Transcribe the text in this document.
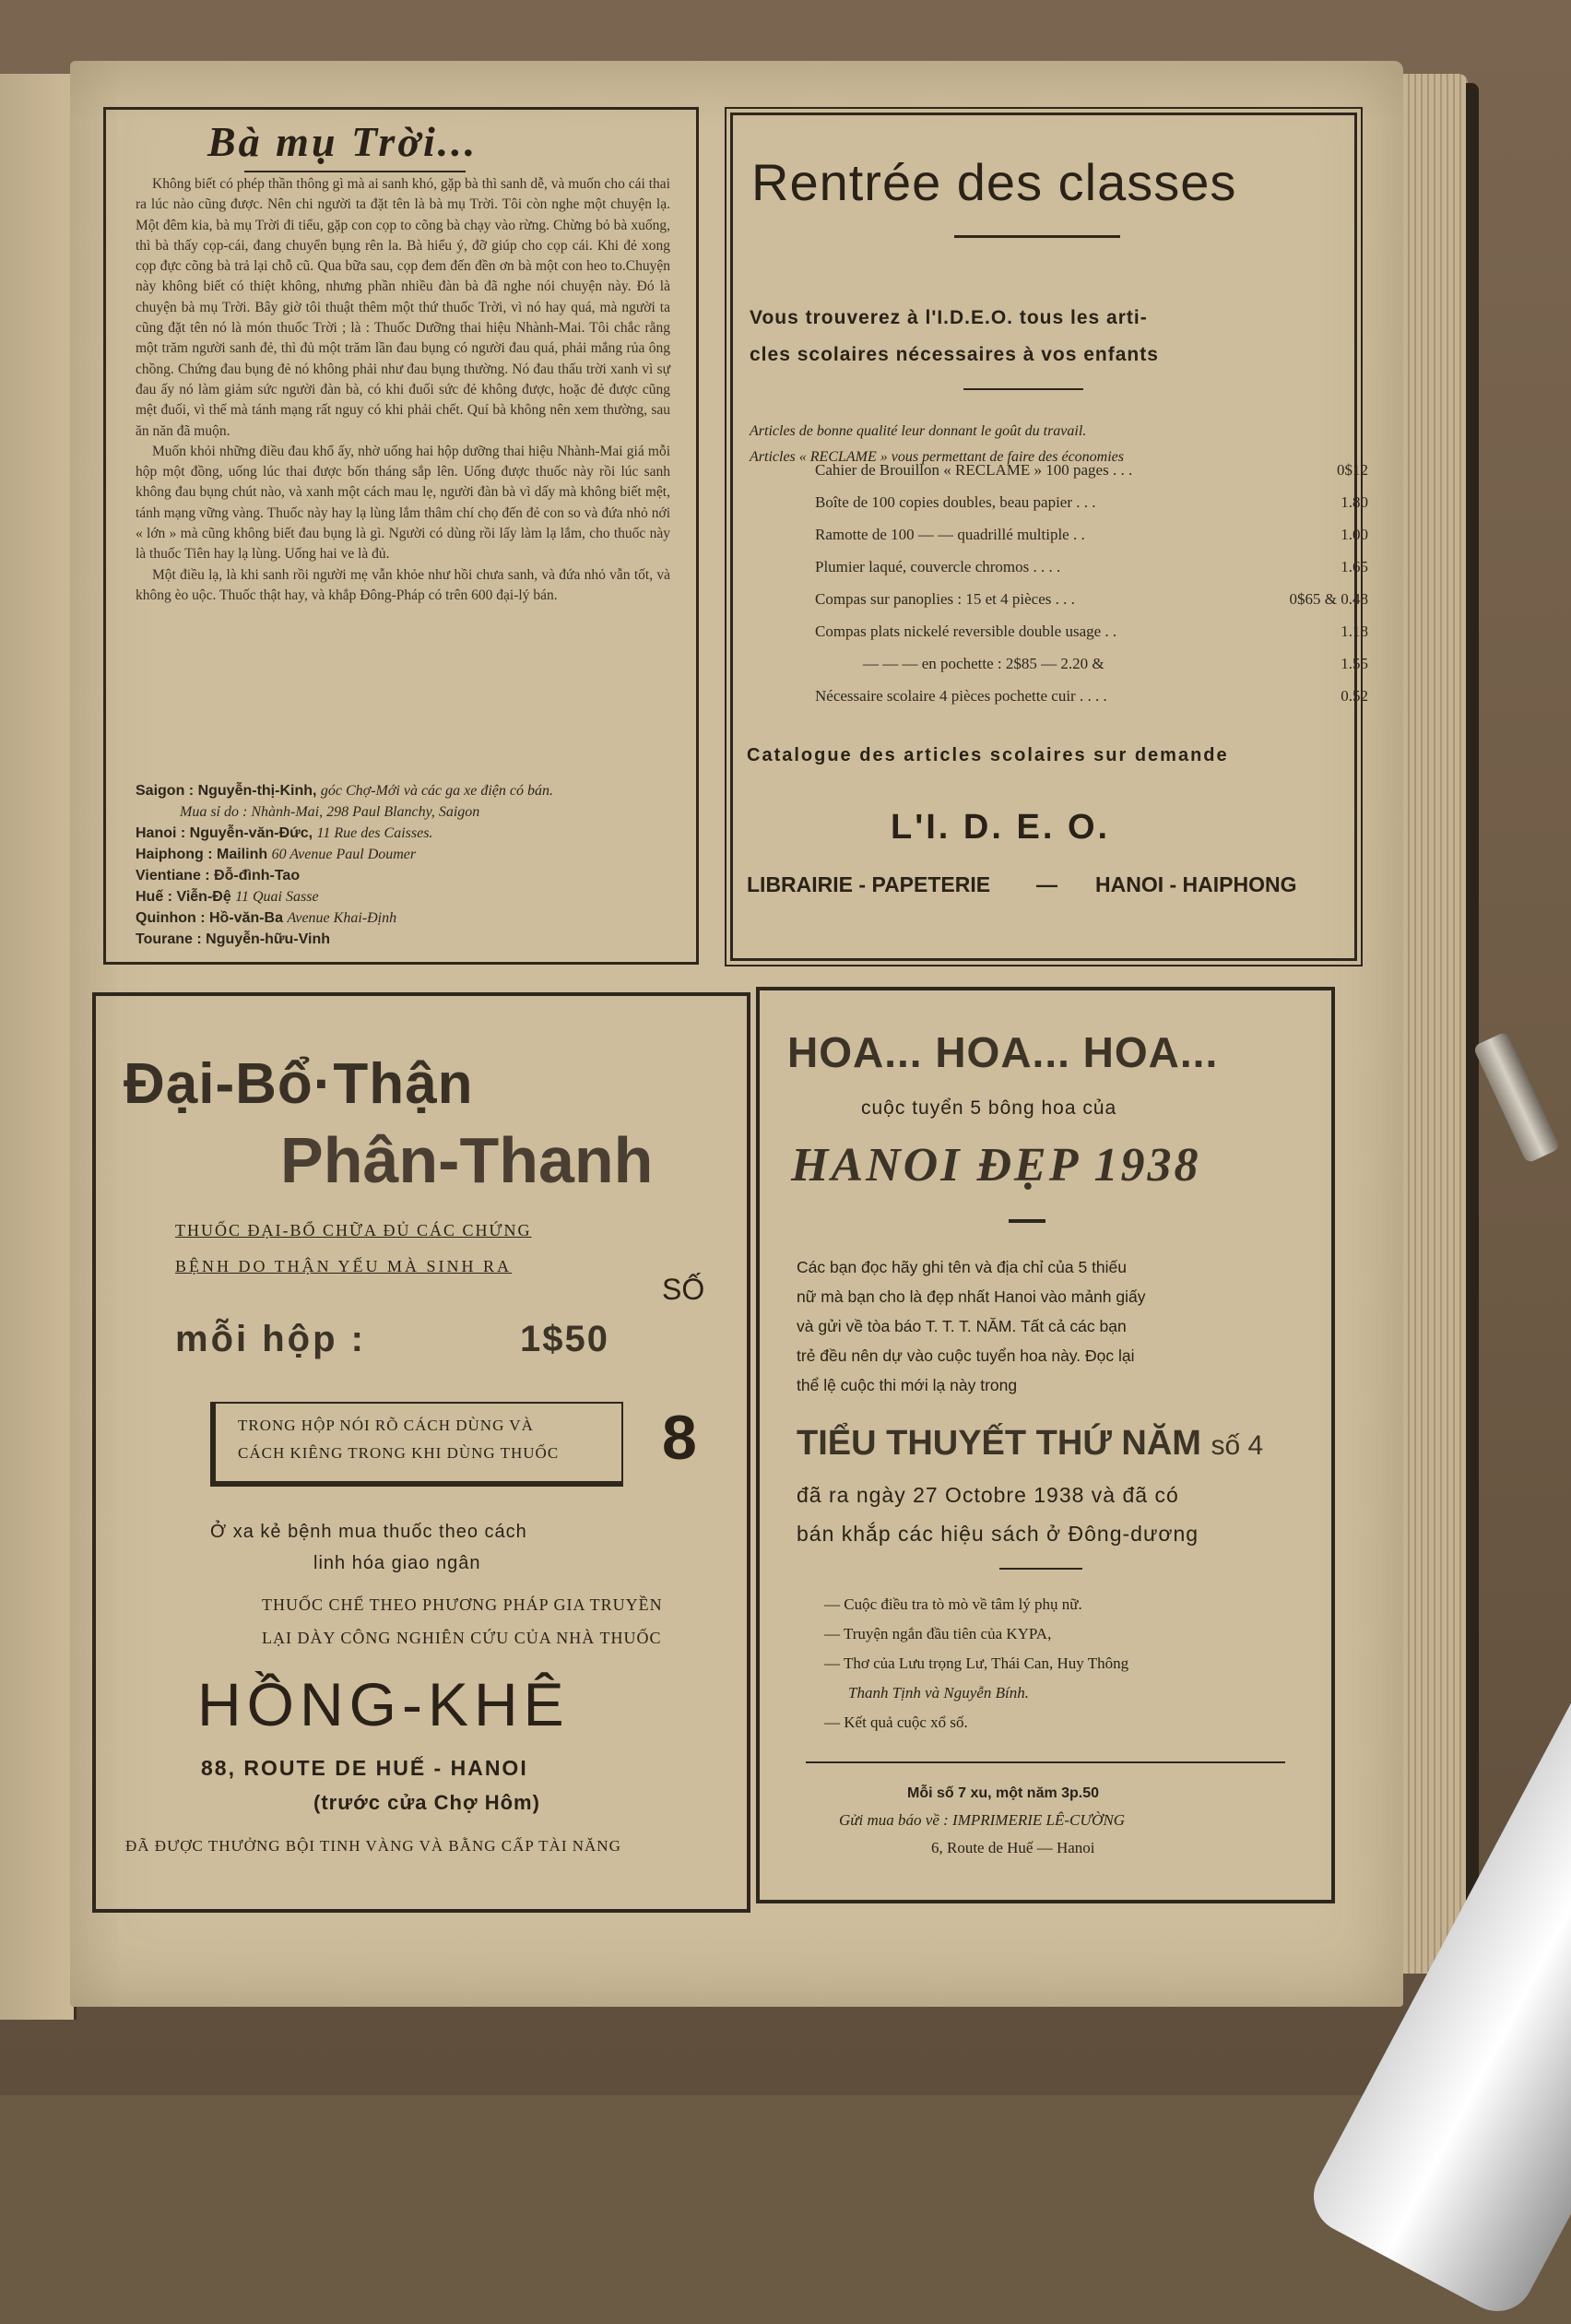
Bà mụ Trời...

Không biết có phép thần thông gì mà ai sanh khó, gặp bà thì sanh dễ, và muốn cho cái thai ra lúc nào cũng được. Nên chi người ta đặt tên là bà mụ Trời. Tôi còn nghe một chuyện lạ. Một đêm kia, bà mụ Trời đi tiểu, gặp con cọp to cõng bà chạy vào rừng. Chừng bỏ bà xuống, thì bà thấy cọp-cái, đang chuyển bụng rên la. Bà hiểu ý, đỡ giúp cho cọp cái. Khi đẻ xong cọp đực cõng bà trả lại chỗ cũ. Qua bữa sau, cọp đem đến đền ơn bà một con heo to.Chuyện này không biết có thiệt không, nhưng phần nhiều đàn bà đã nghe nói chuyện này. Đó là chuyện bà mụ Trời. Bây giờ tôi thuật thêm một thứ thuốc Trời, vì nó hay quá, mà người ta cũng đặt tên nó là món thuốc Trời ; là : Thuốc Dưỡng thai hiệu Nhành-Mai. Tôi chắc rằng một trăm người sanh đẻ, thì đủ một trăm lần đau bụng có người đau quá, phải mắng rủa ông chồng. Chứng đau bụng đẻ nó không phải như đau bụng thường. Nó đau thấu trời xanh vì sự đau ấy nó làm giảm sức người đàn bà, có khi đuối sức đẻ không được, hoặc đẻ được cũng mệt đuối, vì thế mà tánh mạng rất nguy có khi phải chết. Quí bà không nên xem thường, sau ăn năn đã muộn.

Muốn khỏi những điều đau khổ ấy, nhờ uống hai hộp dưỡng thai hiệu Nhành-Mai giá mỗi hộp một đồng, uống lúc thai được bốn tháng sắp lên. Uống được thuốc này rồi lúc sanh không đau bụng chút nào, và xanh một cách mau lẹ, người đàn bà vì dấy mà không biết mệt, tánh mạng vững vàng. Thuốc này hay lạ lùng lắm thâm chí chọ đến đẻ con so và đứa nhỏ nới « lớn » mà cũng không biết đau bụng là gì. Người có dùng rồi lấy làm lạ lắm, cho thuốc này là thuốc Tiên hay lạ lùng. Uống hai ve là đủ.

Một điều lạ, là khi sanh rồi người mẹ vẫn khỏe như hồi chưa sanh, và đứa nhỏ vẫn tốt, và không èo uộc. Thuốc thật hay, và khắp Đông-Pháp có trên 600 đại-lý bán.

Saigon : Nguyễn-thị-Kinh, góc Chợ-Mới và các ga xe điện có bán.
Mua sỉ do : Nhành-Mai, 298 Paul Blanchy, Saigon
Hanoi : Nguyễn-văn-Đức, 11 Rue des Caisses.
Haiphong : Mailinh 60 Avenue Paul Doumer
Vientiane : Đỗ-đình-Tao
Huế : Viễn-Đệ 11 Quai Sasse
Quinhon : Hồ-văn-Ba Avenue Khai-Định
Tourane : Nguyễn-hữu-Vinh
Rentrée des classes
Vous trouverez à l'I.D.E.O. tous les arti-
cles scolaires nécessaires à vos enfants
Articles de bonne qualité leur donnant le goût du travail.
Articles « RECLAME » vous permettant de faire des économies
Cahier de Brouillon « RECLAME » 100 pages . . .	0$12
Boîte de 100 copies doubles, beau papier . . .	1.80
Ramotte de 100 — — quadrillé multiple . .	1.00
Plumier laqué, couvercle chromos . . . .	1.65
Compas sur panoplies : 15 et 4 pièces . . .	0$65 & 0.48
Compas plats nickelé reversible double usage . .	1.18
— — — en pochette : 2$85 — 2.20 &	1.55
Nécessaire scolaire 4 pièces pochette cuir . . . .	0.52
Catalogue des articles scolaires sur demande
L'I. D. E. O.
LIBRAIRIE - PAPETERIE — HANOI - HAIPHONG
Đại-Bổ·Thận
Phân-Thanh
THUỐC ĐẠI-BỔ CHỮA ĐỦ CÁC CHỨNG
BỆNH DO THẬN YẾU MÀ SINH RA
SỐ
mỗi hộp :	1$50
TRONG HỘP NÓI RÕ CÁCH DÙNG VÀ
CÁCH KIÊNG TRONG KHI DÙNG THUỐC 8
Ở xa kẻ bệnh mua thuốc theo cách
linh hóa giao ngân
THUỐC CHẾ THEO PHƯƠNG PHÁP GIA TRUYỀN
LẠI DÀY CÔNG NGHIÊN CỨU CỦA NHÀ THUỐC
HỒNG-KHÊ
88, ROUTE DE HUẾ - HANOI
(trước cửa Chợ Hôm)
ĐÃ ĐƯỢC THƯỞNG BỘI TINH VÀNG VÀ BẰNG CẤP TÀI NĂNG
HOA... HOA... HOA...
cuộc tuyển 5 bông hoa của
HANOI ĐẸP 1938
Các bạn đọc hãy ghi tên và địa chỉ của 5 thiếu
nữ mà bạn cho là đẹp nhất Hanoi vào mảnh giấy
và gửi về tòa báo T. T. T. NĂM. Tất cả các bạn
trẻ đều nên dự vào cuộc tuyển hoa này. Đọc lại
thể lệ cuộc thi mới lạ này trong
TIỂU THUYẾT THỨ NĂM số 4
đã ra ngày 27 Octobre 1938 và đã có
bán khắp các hiệu sách ở Đông-dương
— Cuộc điều tra tò mò về tâm lý phụ nữ.
— Truyện ngắn đầu tiên của KYPA,
— Thơ của Lưu trọng Lư, Thái Can, Huy Thông
Thanh Tịnh và Nguyễn Bính.
— Kết quả cuộc xổ số.
Mỗi số 7 xu, một năm 3p.50
Gửi mua báo về : IMPRIMERIE LÊ-CƯỜNG
6, Route de Huế — Hanoi
